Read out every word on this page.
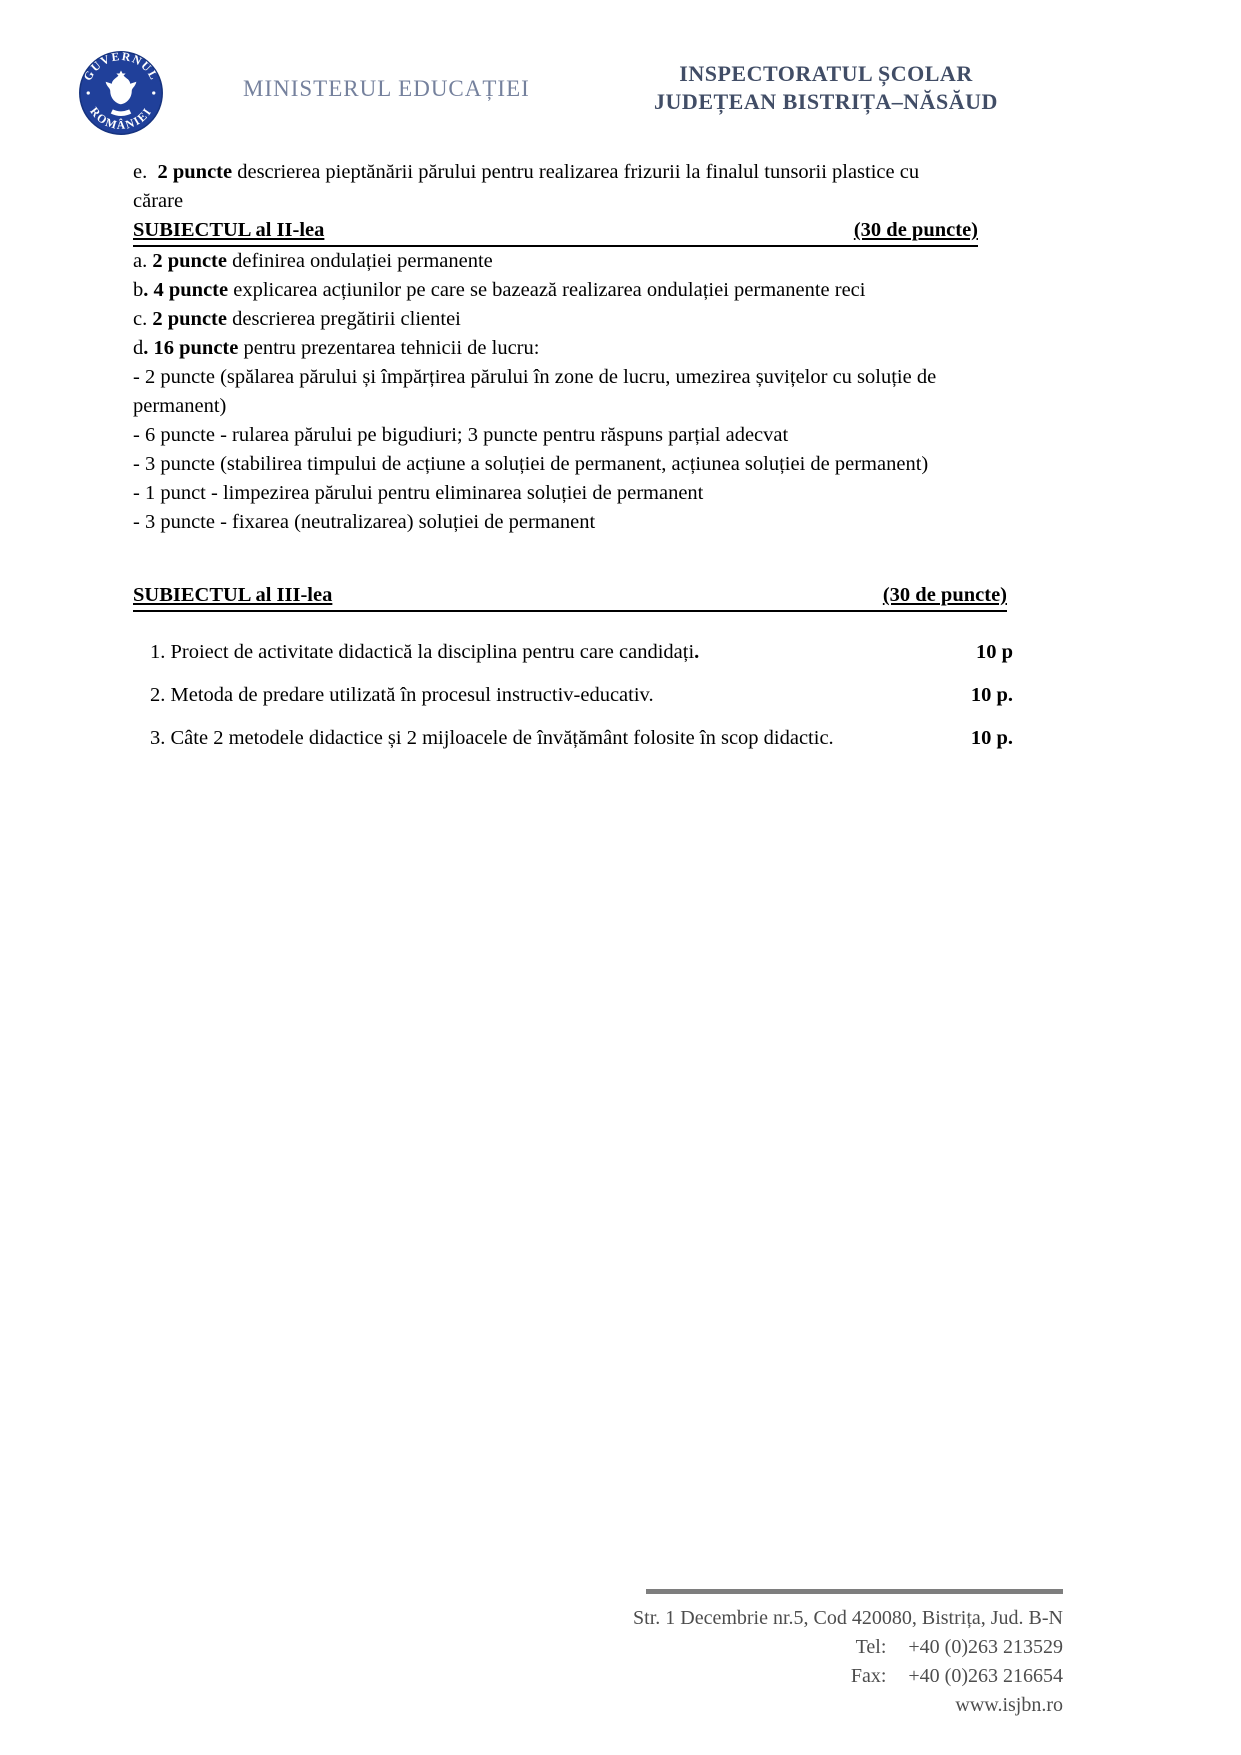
GUVERNUL
ROMÂNIEI
MINISTERUL EDUCAȚIEI
INSPECTORATUL ȘCOLAR
JUDEȚEAN BISTRIȚA–NĂSĂUD
e.  2 puncte descrierea pieptănării părului pentru realizarea frizurii la finalul tunsorii plastice cu
cărare
SUBIECTUL al II-lea	(30 de puncte)
a. 2 puncte definirea ondulației permanente
b. 4 puncte explicarea acțiunilor pe care se bazează realizarea ondulației permanente reci
c. 2 puncte descrierea pregătirii clientei
d. 16 puncte pentru prezentarea tehnicii de lucru:
- 2 puncte (spălarea părului și împărțirea părului în zone de lucru, umezirea șuvițelor cu soluție de
permanent)
- 6 puncte - rularea părului pe bigudiuri; 3 puncte pentru răspuns parțial adecvat
- 3 puncte (stabilirea timpului de acțiune a soluției de permanent, acțiunea soluției de permanent)
- 1 punct - limpezirea părului pentru eliminarea soluției de permanent
- 3 puncte - fixarea (neutralizarea) soluției de permanent
SUBIECTUL al III-lea	(30 de puncte)
1. Proiect de activitate didactică la disciplina pentru care candidați.	10 p
2. Metoda de predare utilizată în procesul instructiv-educativ.	10 p.
3. Câte 2 metodele didactice și 2 mijloacele de învățământ folosite în scop didactic.	10 p.
Str. 1 Decembrie nr.5, Cod 420080, Bistrița, Jud. B-N
Tel: +40 (0)263 213529
Fax: +40 (0)263 216654
www.isjbn.ro
